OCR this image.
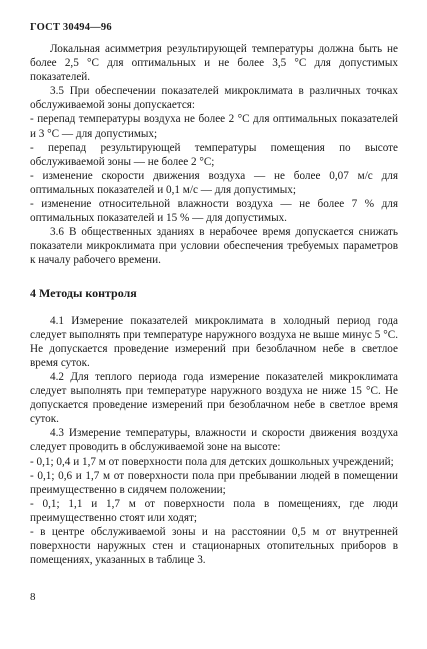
ГОСТ 30494—96

Локальная асимметрия результирующей температуры должна быть не более 2,5 °С для оптимальных и не более 3,5 °С для допустимых показателей.

3.5 При обеспечении показателей микроклимата в различных точках обслуживаемой зоны допускается:

- перепад температуры воздуха не более 2 °С для оптимальных показателей и 3 °С — для допустимых;

- перепад результирующей температуры помещения по высоте обслуживаемой зоны — не более 2 °С;

- изменение скорости движения воздуха — не более 0,07 м/с для оптимальных показателей и 0,1 м/с — для допустимых;

- изменение относительной влажности воздуха — не более 7 % для оптимальных показателей и 15 % — для допустимых.

3.6 В общественных зданиях в нерабочее время допускается снижать показатели микроклимата при условии обеспечения требуемых параметров к началу рабочего времени.

4 Методы контроля

4.1 Измерение показателей микроклимата в холодный период года следует выполнять при температуре наружного воздуха не выше минус 5 °С. Не допускается проведение измерений при безоблачном небе в светлое время суток.

4.2 Для теплого периода года измерение показателей микроклимата следует выполнять при температуре наружного воздуха не ниже 15 °С. Не допускается проведение измерений при безоблачном небе в светлое время суток.

4.3 Измерение температуры, влажности и скорости движения воздуха следует проводить в обслуживаемой зоне на высоте:

- 0,1; 0,4 и 1,7 м от поверхности пола для детских дошкольных учреждений;

- 0,1; 0,6 и 1,7 м от поверхности пола при пребывании людей в помещении преимущественно в сидячем положении;

- 0,1; 1,1 и 1,7 м от поверхности пола в помещениях, где люди преимущественно стоят или ходят;

- в центре обслуживаемой зоны и на расстоянии 0,5 м от внутренней поверхности наружных стен и стационарных отопительных приборов в помещениях, указанных в таблице 3.

8
